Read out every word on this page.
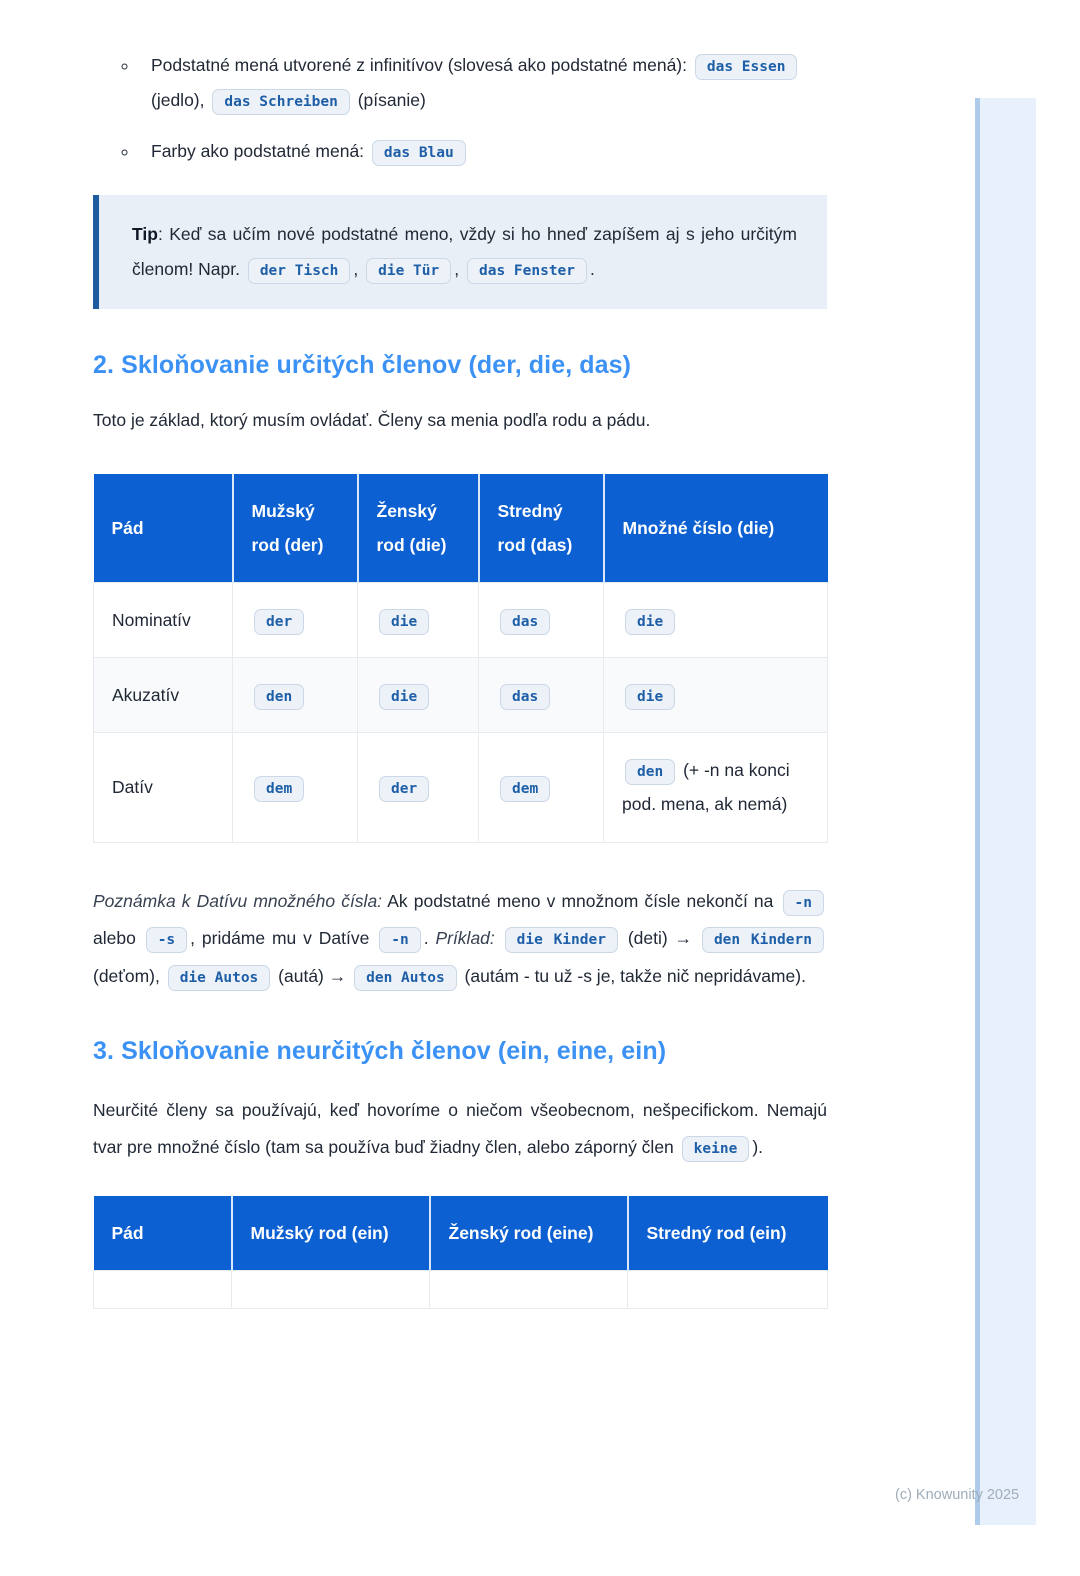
◦ Podstatné mená utvorené z infinitívov (slovesá ako podstatné mená): das Essen (jedlo), das Schreiben (písanie)
◦ Farby ako podstatné mená: das Blau
Tip: Keď sa učím nové podstatné meno, vždy si ho hneď zapíšem aj s jeho určitým členom! Napr. der Tisch , die Tür , das Fenster .
2. Skloňovanie určitých členov (der, die, das)

Toto je základ, ktorý musím ovládať. Členy sa menia podľa rodu a pádu.

Pád	Mužský rod (der)	Ženský rod (die)	Stredný rod (das)	Množné číslo (die)
Nominatív	der	die	das	die
Akuzatív	den	die	das	die
Datív	dem	der	dem	den (+ -n na konci pod. mena, ak nemá)

Poznámka k Datívu množného čísla: Ak podstatné meno v množnom čísle nekončí na -n alebo -s , pridáme mu v Datíve -n . Príklad: die Kinder (deti) → den Kindern (deťom), die Autos (autá) → den Autos (autám - tu už -s je, takže nič nepridávame).

3. Skloňovanie neurčitých členov (ein, eine, ein)

Neurčité členy sa používajú, keď hovoríme o niečom všeobecnom, nešpecifickom. Nemajú tvar pre množné číslo (tam sa používa buď žiadny člen, alebo záporný člen keine ).

Pád	Mužský rod (ein)	Ženský rod (eine)	Stredný rod (ein)

(c) Knowunity 2025
